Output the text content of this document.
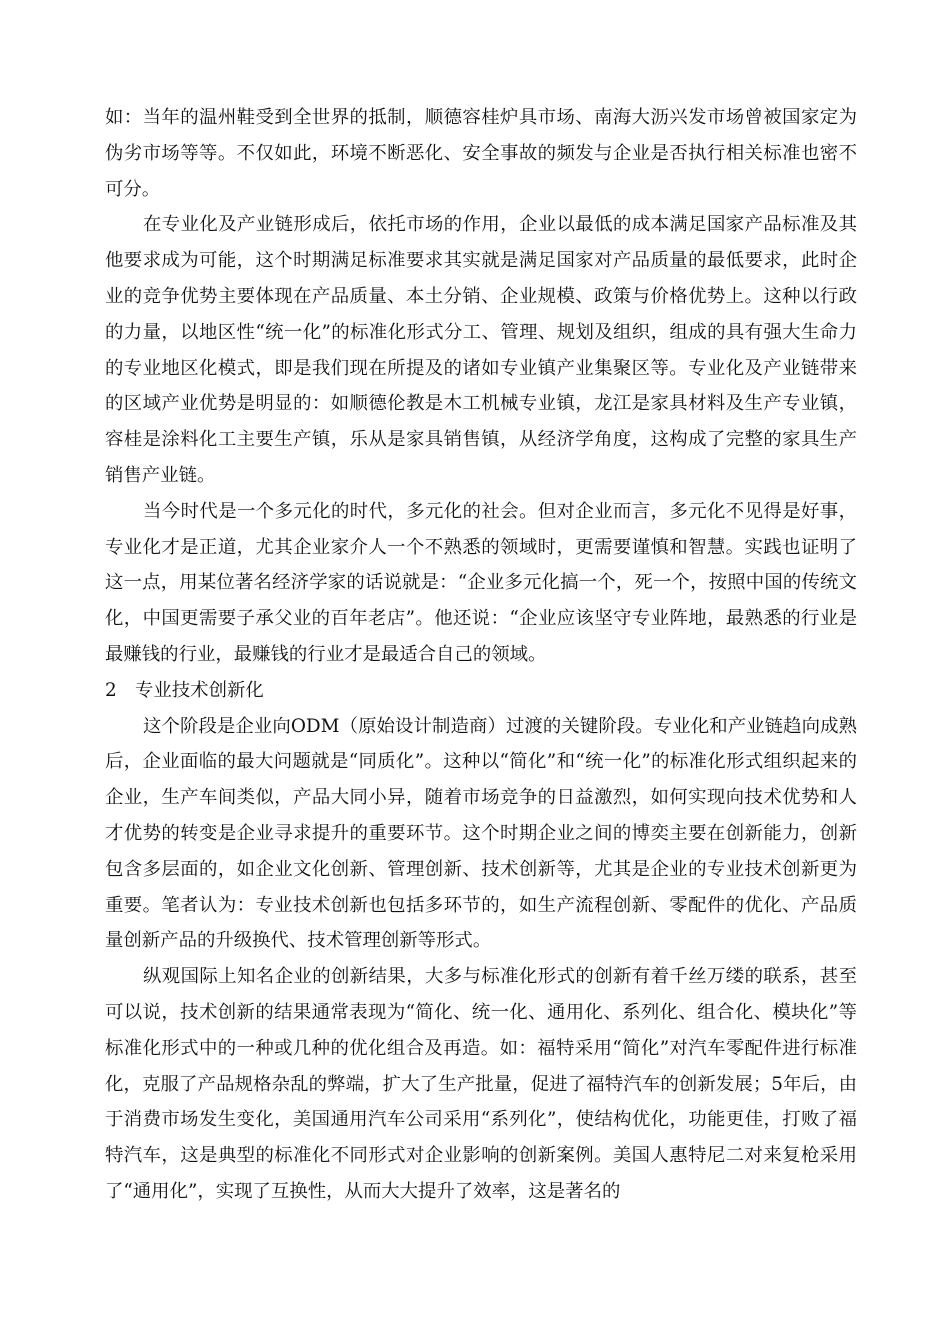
如：当年的温州鞋受到全世界的抵制，顺德容桂炉具市场、南海大沥兴发市场曾被国家定为伪劣市场等等。不仅如此，环境不断恶化、安全事故的频发与企业是否执行相关标准也密不可分。

在专业化及产业链形成后，依托市场的作用，企业以最低的成本满足国家产品标准及其他要求成为可能，这个时期满足标准要求其实就是满足国家对产品质量的最低要求，此时企业的竞争优势主要体现在产品质量、本土分销、企业规模、政策与价格优势上。这种以行政的力量，以地区性“统一化”的标准化形式分工、管理、规划及组织，组成的具有强大生命力的专业地区化模式，即是我们现在所提及的诸如专业镇产业集聚区等。专业化及产业链带来的区域产业优势是明显的：如顺德伦教是木工机械专业镇，龙江是家具材料及生产专业镇，容桂是涂料化工主要生产镇，乐从是家具销售镇，从经济学角度，这构成了完整的家具生产销售产业链。

当今时代是一个多元化的时代，多元化的社会。但对企业而言，多元化不见得是好事，专业化才是正道，尤其企业家介人一个不熟悉的领域时，更需要谨慎和智慧。实践也证明了这一点，用某位著名经济学家的话说就是：“企业多元化搞一个，死一个，按照中国的传统文化，中国更需要子承父业的百年老店”。他还说：“企业应该坚守专业阵地，最熟悉的行业是最赚钱的行业，最赚钱的行业才是最适合自己的领域。

2 专业技术创新化

这个阶段是企业向ODM（原始设计制造商）过渡的关键阶段。专业化和产业链趋向成熟后，企业面临的最大问题就是“同质化”。这种以“简化”和“统一化”的标准化形式组织起来的企业，生产车间类似，产品大同小异，随着市场竞争的日益激烈，如何实现向技术优势和人才优势的转变是企业寻求提升的重要环节。这个时期企业之间的博奕主要在创新能力，创新包含多层面的，如企业文化创新、管理创新、技术创新等，尤其是企业的专业技术创新更为重要。笔者认为：专业技术创新也包括多环节的，如生产流程创新、零配件的优化、产品质量创新产品的升级换代、技术管理创新等形式。

纵观国际上知名企业的创新结果，大多与标准化形式的创新有着千丝万缕的联系，甚至可以说，技术创新的结果通常表现为“简化、统一化、通用化、系列化、组合化、模块化”等标准化形式中的一种或几种的优化组合及再造。如：福特采用“简化”对汽车零配件进行标准化，克服了产品规格杂乱的弊端，扩大了生产批量，促进了福特汽车的创新发展；5年后，由于消费市场发生变化，美国通用汽车公司采用“系列化”，使结构优化，功能更佳，打败了福特汽车，这是典型的标准化不同形式对企业影响的创新案例。美国人惠特尼二对来复枪采用了“通用化”，实现了互换性，从而大大提升了效率，这是著名的
